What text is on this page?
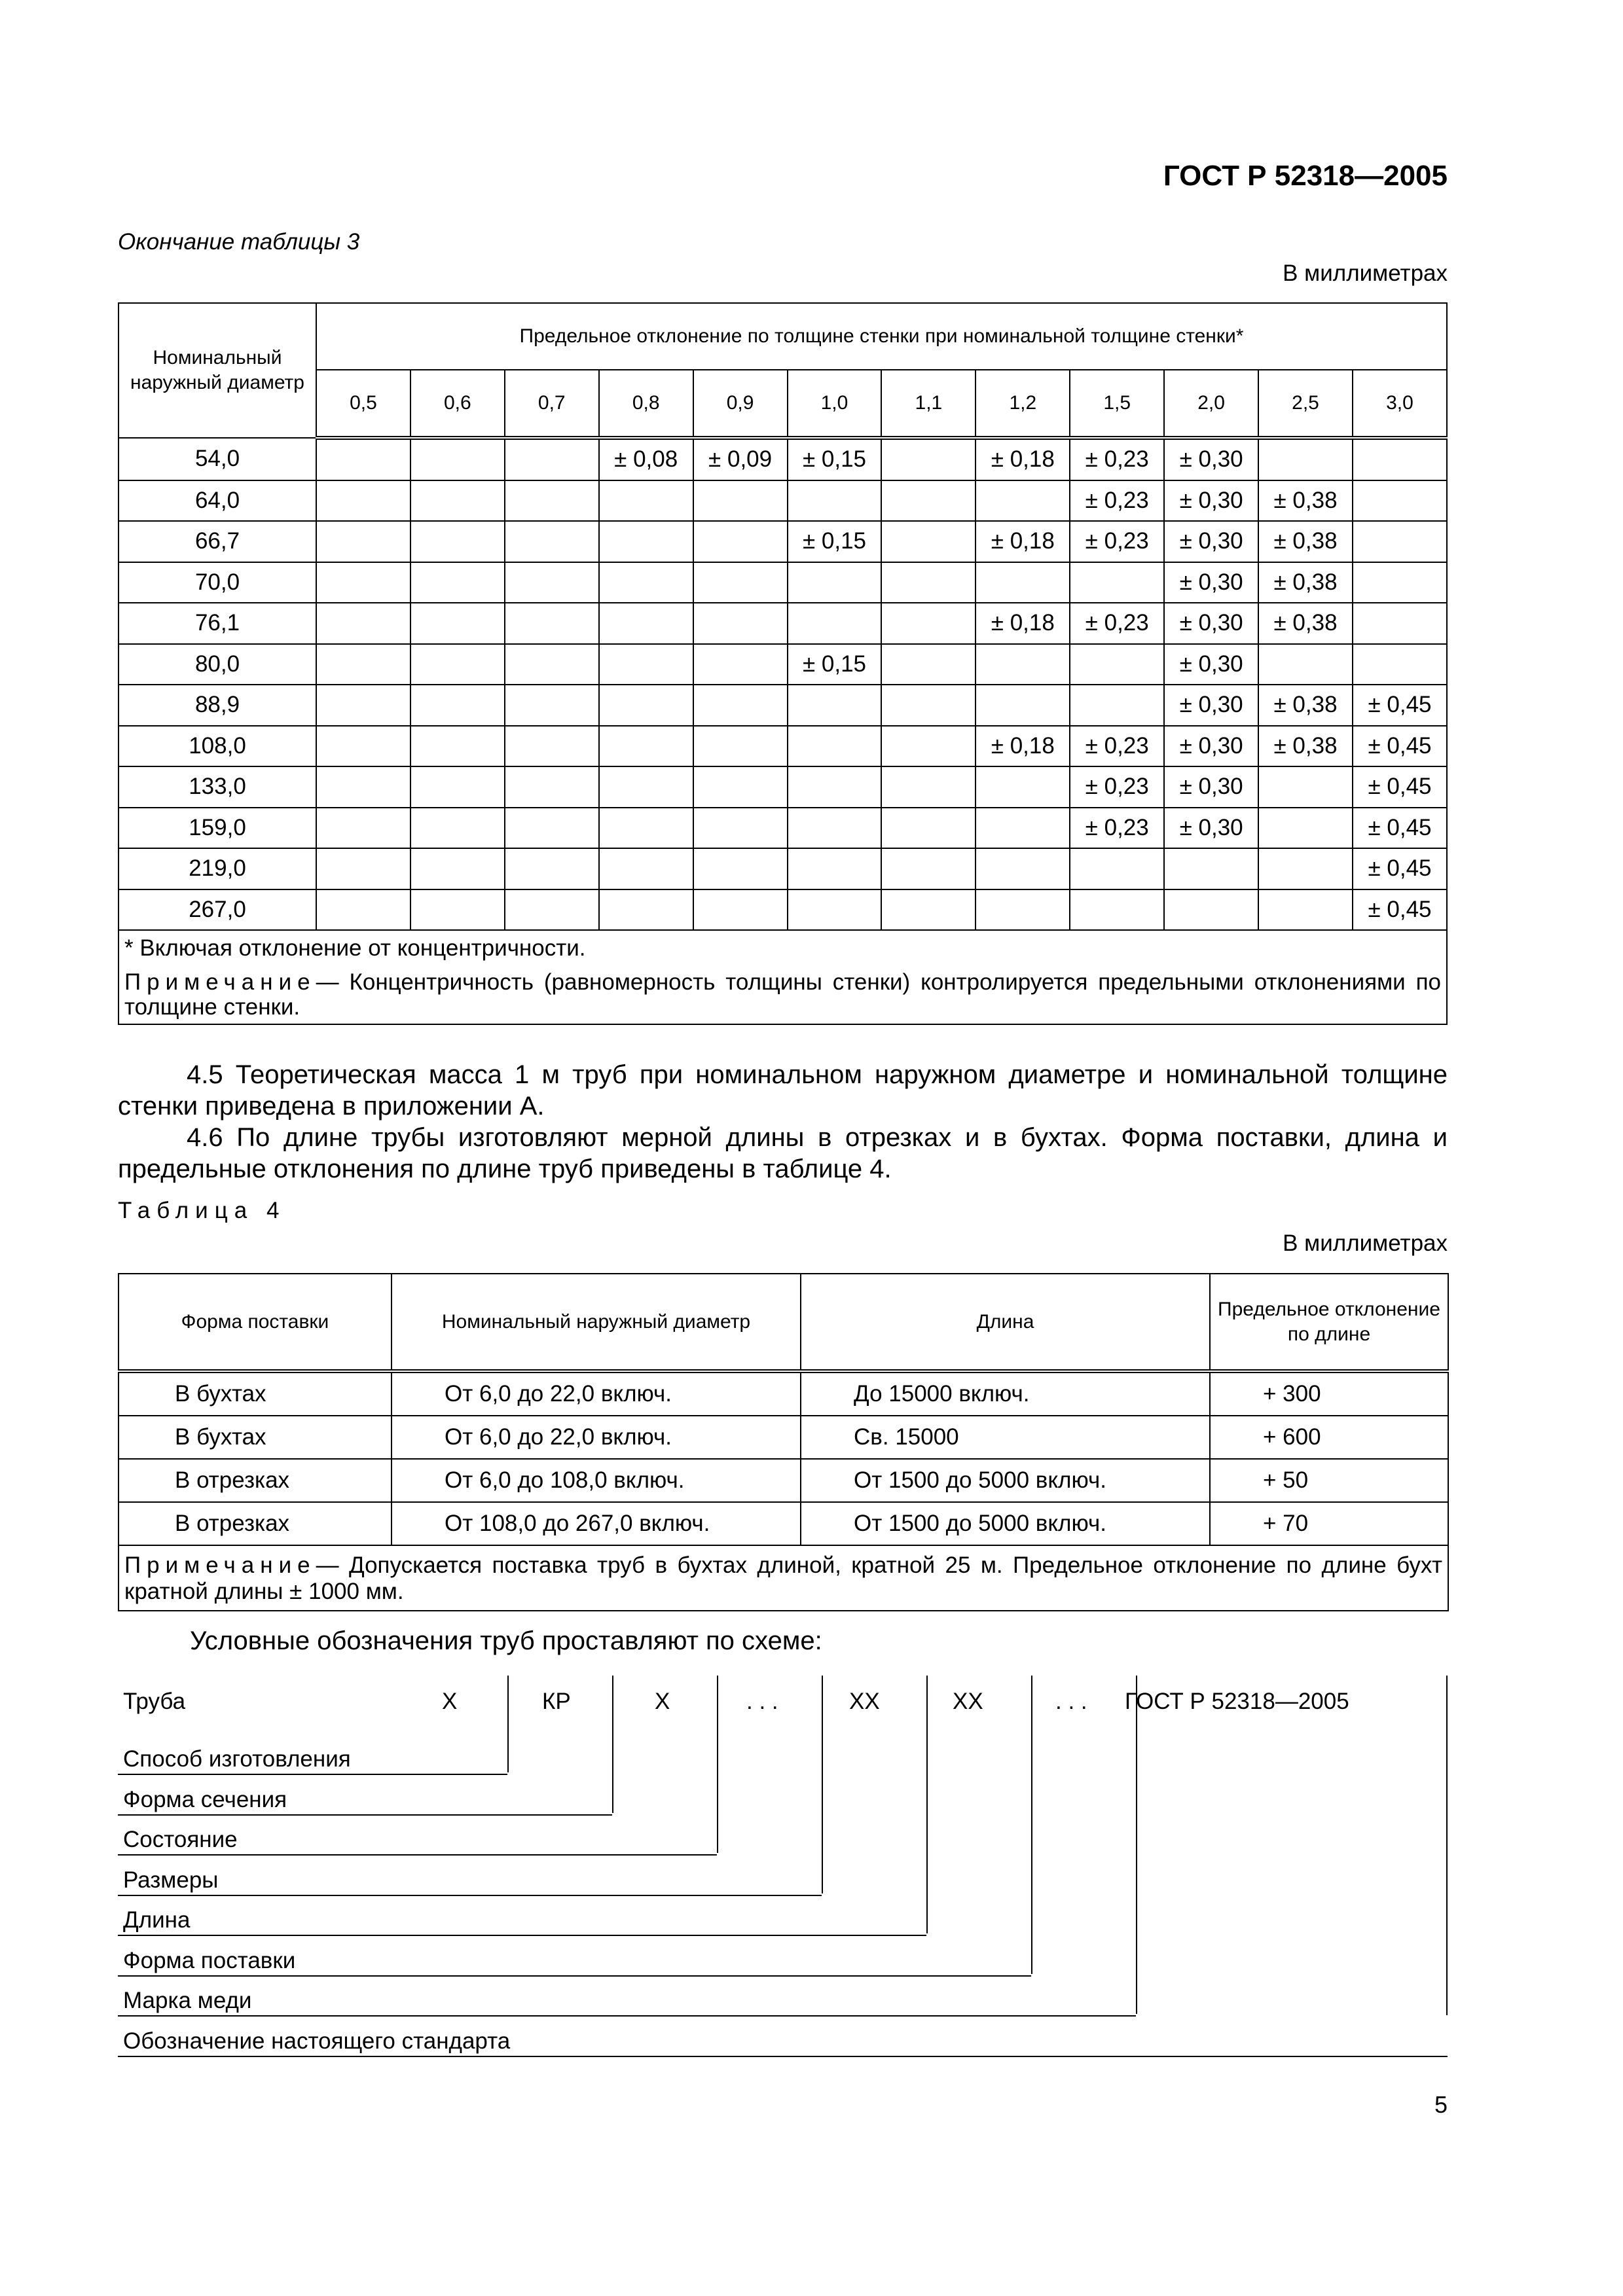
ГОСТ Р 52318—2005
Окончание таблицы 3
В миллиметрах
Номинальный наружный диаметр	Предельное отклонение по толщине стенки при номинальной толщине стенки*											
	0,5	0,6	0,7	0,8	0,9	1,0	1,1	1,2	1,5	2,0	2,5	3,0
54,0				± 0,08	± 0,09	± 0,15		± 0,18	± 0,23	± 0,30		
64,0									± 0,23	± 0,30	± 0,38	
66,7						± 0,15		± 0,18	± 0,23	± 0,30	± 0,38	
70,0										± 0,30	± 0,38	
76,1								± 0,18	± 0,23	± 0,30	± 0,38	
80,0						± 0,15				± 0,30		
88,9										± 0,30	± 0,38	± 0,45
108,0								± 0,18	± 0,23	± 0,30	± 0,38	± 0,45
133,0									± 0,23	± 0,30		± 0,45
159,0									± 0,23	± 0,30		± 0,45
219,0												± 0,45
267,0												± 0,45

* Включая отклонение от концентричности.
Примечание— Концентричность (равномерность толщины стенки) контролируется предельными отклонениями по толщине стенки.												
4.5 Теоретическая масса 1 м труб при номинальном наружном диаметре и номинальной толщине стенки приведена в приложении А.
4.6 По длине трубы изготовляют мерной длины в отрезках и в бухтах. Форма поставки, длина и предельные отклонения по длине труб приведены в таблице 4.
Таблица 4
В миллиметрах
Форма поставки	Номинальный наружный диаметр	Длина	Предельное отклонение по длине
В бухтах	От 6,0 до 22,0 включ.	До 15000 включ.	+ 300
В бухтах	От 6,0 до 22,0 включ.	Св. 15000	+ 600
В отрезках	От 6,0 до 108,0 включ.	От 1500 до 5000 включ.	+ 50
В отрезках	От 108,0 до 267,0 включ.	От 1500 до 5000 включ.	+ 70
Примечание— Допускается поставка труб в бухтах длиной, кратной 25 м. Предельное отклонение по длине бухт кратной длины ± 1000 мм.			
Условные обозначения труб проставляют по схеме:
Труба	X	КР	X	. . .	XX	XX	. . . ГОСТ Р 52318—2005
Способ изготовления
Форма сечения
Состояние
Размеры
Длина
Форма поставки
Марка меди
Обозначение настоящего стандарта
5
